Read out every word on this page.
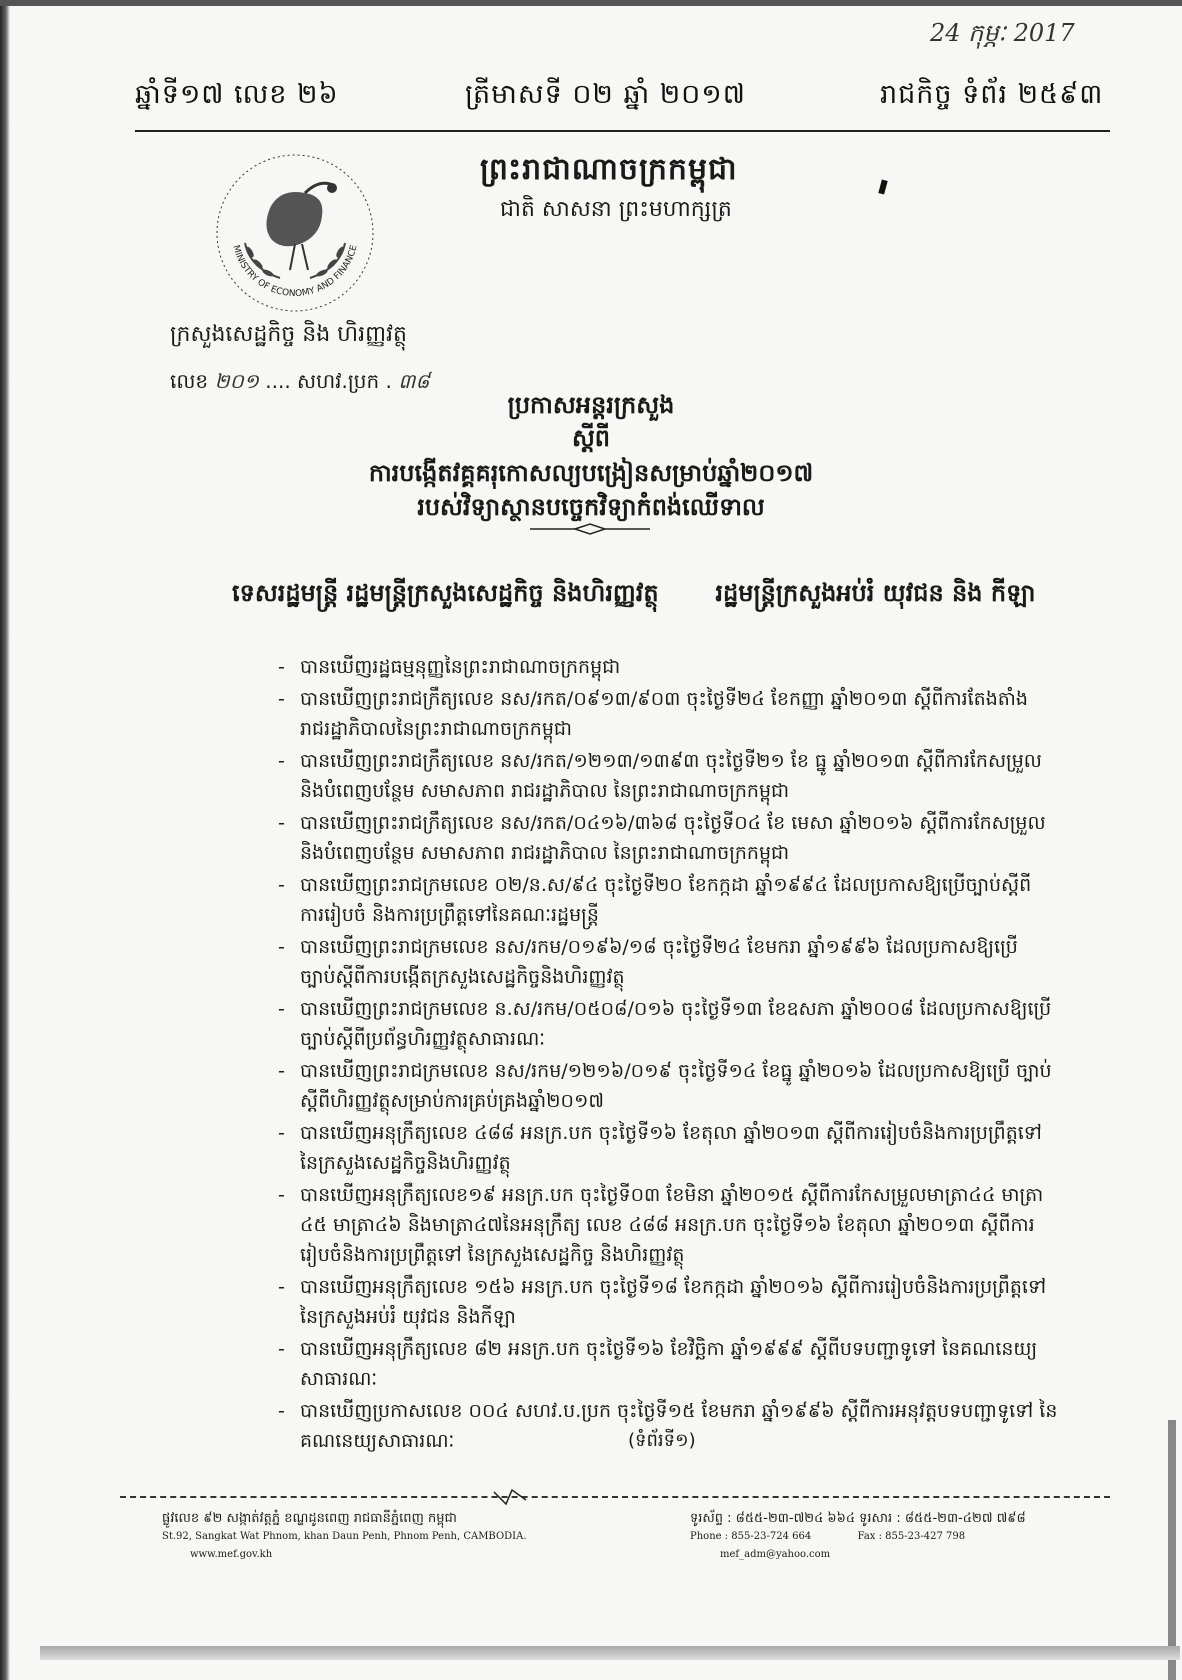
24 កុម្ភៈ 2017
ឆ្នាំទី១៧ លេខ ២៦	ត្រីមាសទី ០២ ឆ្នាំ ២០១៧	រាជកិច្ច ទំព័រ ២៥៩៣
MINISTRY OF ECONOMY AND FINANCE
ព្រះរាជាណាចក្រកម្ពុជា
ជាតិ សាសនា ព្រះមហាក្សត្រ
ក្រសួងសេដ្ឋកិច្ច និង ហិរញ្ញវត្ថុ
លេខ ២០១ .... សហវ.ប្រក . ៣៨
ប្រកាសអន្តរក្រសួង
ស្តីពី
ការបង្កើតវគ្គគរុកោសល្យបង្រៀនសម្រាប់ឆ្នាំ២០១៧
របស់វិទ្យាស្ថានបច្ចេកវិទ្យាកំពង់ឈើទាល
ទេសរដ្ឋមន្ត្រី រដ្ឋមន្ត្រីក្រសួងសេដ្ឋកិច្ច និងហិរញ្ញវត្ថុ រដ្ឋមន្ត្រីក្រសួងអប់រំ យុវជន និង កីឡា
- បានឃើញរដ្ឋធម្មនុញ្ញនៃព្រះរាជាណាចក្រកម្ពុជា
- បានឃើញព្រះរាជក្រឹត្យលេខ នស/រកត/០៩១៣/៩០៣ ចុះថ្ងៃទី២៤ ខែកញ្ញា ឆ្នាំ២០១៣ ស្តីពីការតែងតាំង រាជរដ្ឋាភិបាលនៃព្រះរាជាណាចក្រកម្ពុជា
- បានឃើញព្រះរាជក្រឹត្យលេខ នស/រកត/១២១៣/១៣៩៣ ចុះថ្ងៃទី២១ ខែ ធ្នូ ឆ្នាំ២០១៣ ស្តីពីការកែសម្រួល និងបំពេញបន្ថែម សមាសភាព រាជរដ្ឋាភិបាល នៃព្រះរាជាណាចក្រកម្ពុជា
- បានឃើញព្រះរាជក្រឹត្យលេខ នស/រកត/០៤១៦/៣៦៨ ចុះថ្ងៃទី០៤ ខែ មេសា ឆ្នាំ២០១៦ ស្តីពីការកែសម្រួល និងបំពេញបន្ថែម សមាសភាព រាជរដ្ឋាភិបាល នៃព្រះរាជាណាចក្រកម្ពុជា
- បានឃើញព្រះរាជក្រមលេខ ០២/ន.ស/៩៤ ចុះថ្ងៃទី២០ ខែកក្កដា ឆ្នាំ១៩៩៤ ដែលប្រកាសឱ្យប្រើច្បាប់ស្តីពី ការរៀបចំ និងការប្រព្រឹត្តទៅនៃគណៈរដ្ឋមន្ត្រី
- បានឃើញព្រះរាជក្រមលេខ នស/រកម/០១៩៦/១៨ ចុះថ្ងៃទី២៤ ខែមករា ឆ្នាំ១៩៩៦ ដែលប្រកាសឱ្យប្រើ ច្បាប់ស្តីពីការបង្កើតក្រសួងសេដ្ឋកិច្ចនិងហិរញ្ញវត្ថុ
- បានឃើញព្រះរាជក្រមលេខ ន.ស/រកម/០៥០៨/០១៦ ចុះថ្ងៃទី១៣ ខែឧសភា ឆ្នាំ២០០៨ ដែលប្រកាសឱ្យប្រើ ច្បាប់ស្តីពីប្រព័ន្ធហិរញ្ញវត្ថុសាធារណៈ
- បានឃើញព្រះរាជក្រមលេខ នស/រកម/១២១៦/០១៩ ចុះថ្ងៃទី១៤ ខែធ្នូ ឆ្នាំ២០១៦ ដែលប្រកាសឱ្យប្រើ ច្បាប់ស្តីពីហិរញ្ញវត្ថុសម្រាប់ការគ្រប់គ្រងឆ្នាំ២០១៧
- បានឃើញអនុក្រឹត្យលេខ ៤៨៨ អនក្រ.បក ចុះថ្ងៃទី១៦ ខែតុលា ឆ្នាំ២០១៣ ស្តីពីការរៀបចំនិងការប្រព្រឹត្តទៅ នៃក្រសួងសេដ្ឋកិច្ចនិងហិរញ្ញវត្ថុ
- បានឃើញអនុក្រឹត្យលេខ១៩ អនក្រ.បក ចុះថ្ងៃទី០៣ ខែមិនា ឆ្នាំ២០១៥ ស្តីពីការកែសម្រួលមាត្រា៤៤ មាត្រា ៤៥ មាត្រា៤៦ និងមាត្រា៤៧នៃអនុក្រឹត្យ លេខ ៤៨៨ អនក្រ.បក ចុះថ្ងៃទី១៦ ខែតុលា ឆ្នាំ២០១៣ ស្តីពីការ រៀបចំនិងការប្រព្រឹត្តទៅ នៃក្រសួងសេដ្ឋកិច្ច និងហិរញ្ញវត្ថុ
- បានឃើញអនុក្រឹត្យលេខ ១៥៦ អនក្រ.បក ចុះថ្ងៃទី១៨ ខែកក្កដា ឆ្នាំ២០១៦ ស្តីពីការរៀបចំនិងការប្រព្រឹត្តទៅ នៃក្រសួងអប់រំ យុវជន និងកីឡា
- បានឃើញអនុក្រឹត្យលេខ ៨២ អនក្រ.បក ចុះថ្ងៃទី១៦ ខែវិច្ឆិកា ឆ្នាំ១៩៩៩ ស្តីពីបទបញ្ជាទូទៅ នៃគណនេយ្យ សាធារណៈ
- បានឃើញប្រកាសលេខ ០០៤ សហវ.ប.ប្រក ចុះថ្ងៃទី១៥ ខែមករា ឆ្នាំ១៩៩៦ ស្តីពីការអនុវត្តបទបញ្ជាទូទៅ នៃ គណនេយ្យសាធារណៈ	(ទំព័រទី១)
ផ្លូវលេខ ៩២ សង្កាត់វត្តភ្នំ ខណ្ឌដូនពេញ រាជធានីភ្នំពេញ កម្ពុជា
St.92, Sangkat Wat Phnom, khan Daun Penh, Phnom Penh, CAMBODIA.
www.mef.gov.kh
ទូរស័ព្ទ : ៨៥៥-២៣-៧២៤ ៦៦៤ ទូរសារ : ៨៥៥-២៣-៤២៧ ៧៩៨
Phone : 855-23-724 664	Fax : 855-23-427 798
mef_adm@yahoo.com
